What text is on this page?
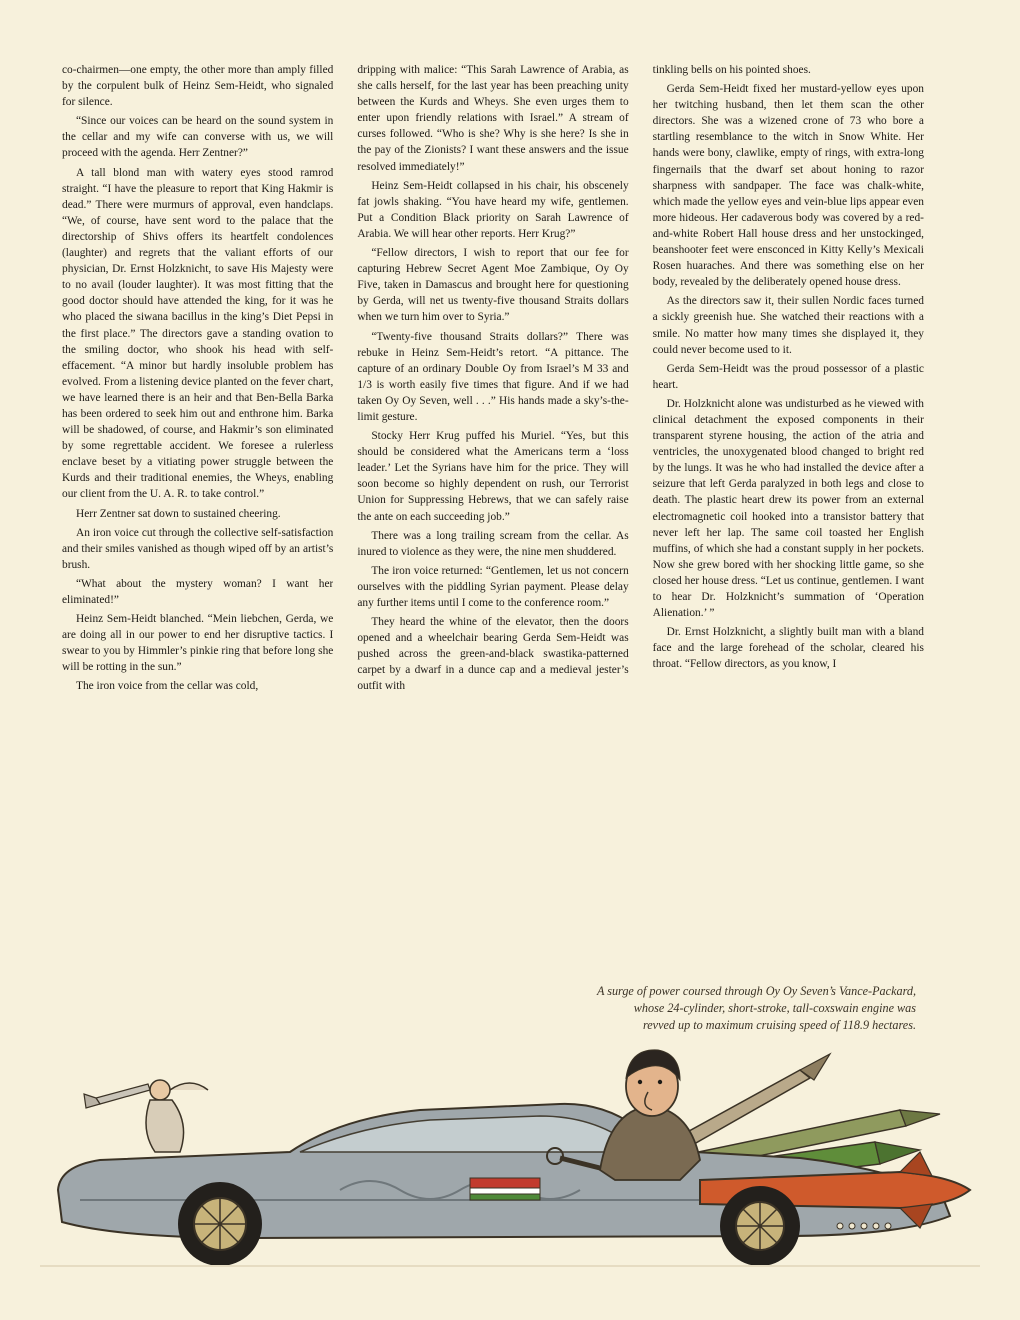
co-chairmen—one empty, the other more than amply filled by the corpulent bulk of Heinz Sem-Heidt, who signaled for silence.

“Since our voices can be heard on the sound system in the cellar and my wife can converse with us, we will proceed with the agenda. Herr Zentner?”

A tall blond man with watery eyes stood ramrod straight. “I have the pleasure to report that King Hakmir is dead.” There were murmurs of approval, even handclaps. “We, of course, have sent word to the palace that the directorship of Shivs offers its heartfelt condolences (laughter) and regrets that the valiant efforts of our physician, Dr. Ernst Holzknicht, to save His Majesty were to no avail (louder laughter). It was most fitting that the good doctor should have attended the king, for it was he who placed the siwana bacillus in the king’s Diet Pepsi in the first place.” The directors gave a standing ovation to the smiling doctor, who shook his head with self-effacement. “A minor but hardly insoluble problem has evolved. From a listening device planted on the fever chart, we have learned there is an heir and that Ben-Bella Barka has been ordered to seek him out and enthrone him. Barka will be shadowed, of course, and Hakmir’s son eliminated by some regrettable accident. We foresee a rulerless enclave beset by a vitiating power struggle between the Kurds and their traditional enemies, the Wheys, enabling our client from the U. A. R. to take control.”

Herr Zentner sat down to sustained cheering.

An iron voice cut through the collective self-satisfaction and their smiles vanished as though wiped off by an artist’s brush.

“What about the mystery woman? I want her eliminated!”

Heinz Sem-Heidt blanched. “Mein liebchen, Gerda, we are doing all in our power to end her disruptive tactics. I swear to you by Himmler’s pinkie ring that before long she will be rotting in the sun.”

The iron voice from the cellar was cold,

dripping with malice: “This Sarah Lawrence of Arabia, as she calls herself, for the last year has been preaching unity between the Kurds and Wheys. She even urges them to enter upon friendly relations with Israel.” A stream of curses followed. “Who is she? Why is she here? Is she in the pay of the Zionists? I want these answers and the issue resolved immediately!”

Heinz Sem-Heidt collapsed in his chair, his obscenely fat jowls shaking. “You have heard my wife, gentlemen. Put a Condition Black priority on Sarah Lawrence of Arabia. We will hear other reports. Herr Krug?”

“Fellow directors, I wish to report that our fee for capturing Hebrew Secret Agent Moe Zambique, Oy Oy Five, taken in Damascus and brought here for questioning by Gerda, will net us twenty-five thousand Straits dollars when we turn him over to Syria.”

“Twenty-five thousand Straits dollars?” There was rebuke in Heinz Sem-Heidt’s retort. “A pittance. The capture of an ordinary Double Oy from Israel’s M 33 and 1/3 is worth easily five times that figure. And if we had taken Oy Oy Seven, well . . .” His hands made a sky’s-the-limit gesture.

Stocky Herr Krug puffed his Muriel. “Yes, but this should be considered what the Americans term a ‘loss leader.’ Let the Syrians have him for the price. They will soon become so highly dependent on rush, our Terrorist Union for Suppressing Hebrews, that we can safely raise the ante on each succeeding job.”

There was a long trailing scream from the cellar. As inured to violence as they were, the nine men shuddered.

The iron voice returned: “Gentlemen, let us not concern ourselves with the piddling Syrian payment. Please delay any further items until I come to the conference room.”

They heard the whine of the elevator, then the doors opened and a wheelchair bearing Gerda Sem-Heidt was pushed across the green-and-black swastika-patterned carpet by a dwarf in a dunce cap and a medieval jester’s outfit with

tinkling bells on his pointed shoes.

Gerda Sem-Heidt fixed her mustard-yellow eyes upon her twitching husband, then let them scan the other directors. She was a wizened crone of 73 who bore a startling resemblance to the witch in Snow White. Her hands were bony, clawlike, empty of rings, with extra-long fingernails that the dwarf set about honing to razor sharpness with sandpaper. The face was chalk-white, which made the yellow eyes and vein-blue lips appear even more hideous. Her cadaverous body was covered by a red-and-white Robert Hall house dress and her unstockinged, beanshooter feet were ensconced in Kitty Kelly’s Mexicali Rosen huaraches. And there was something else on her body, revealed by the deliberately opened house dress.

As the directors saw it, their sullen Nordic faces turned a sickly greenish hue. She watched their reactions with a smile. No matter how many times she displayed it, they could never become used to it.

Gerda Sem-Heidt was the proud possessor of a plastic heart.

Dr. Holzknicht alone was undisturbed as he viewed with clinical detachment the exposed components in their transparent styrene housing, the action of the atria and ventricles, the unoxygenated blood changed to bright red by the lungs. It was he who had installed the device after a seizure that left Gerda paralyzed in both legs and close to death. The plastic heart drew its power from an external electromagnetic coil hooked into a transistor battery that never left her lap. The same coil toasted her English muffins, of which she had a constant supply in her pockets. Now she grew bored with her shocking little game, so she closed her house dress. “Let us continue, gentlemen. I want to hear Dr. Holzknicht’s summation of ‘Operation Alienation.’ ”

Dr. Ernst Holzknicht, a slightly built man with a bland face and the large forehead of the scholar, cleared his throat. “Fellow directors, as you know, I

A surge of power coursed through Oy Oy Seven’s Vance-Packard,
whose 24-cylinder, short-stroke, tall-coxswain engine was
revved up to maximum cruising speed of 118.9 hectares.
